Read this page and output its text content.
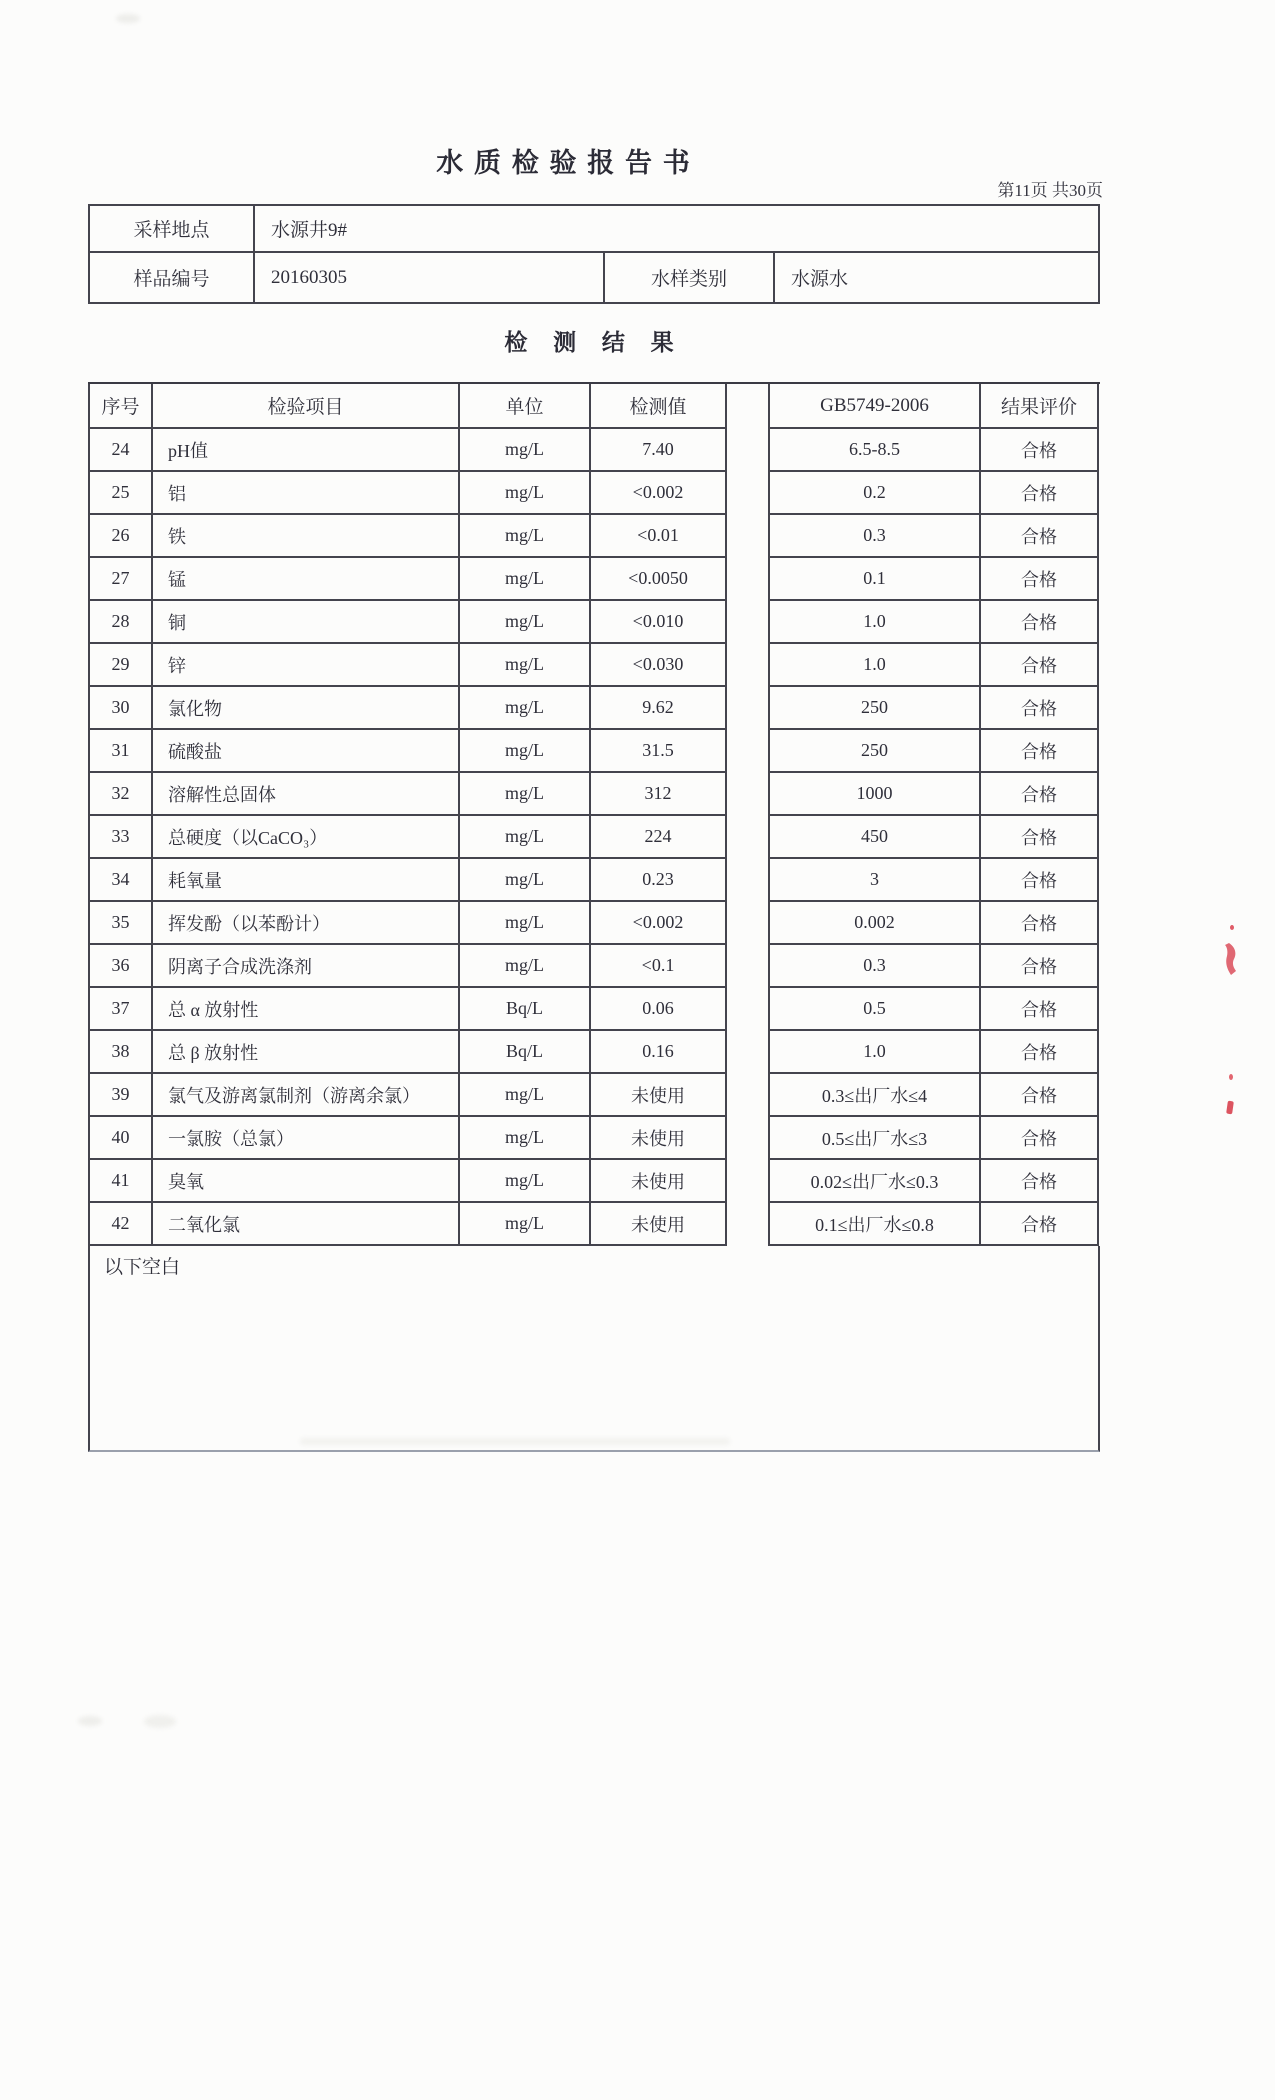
水 质 检 验 报 告 书
第11页 共30页
采样地点	水源井9#
样品编号	20160305	水样类别	水源水
检 测 结 果
序号	检验项目	单位	检测值	GB5749-2006	结果评价
24	pH值	mg/L	7.40	6.5-8.5	合格
25	铝	mg/L	<0.002	0.2	合格
26	铁	mg/L	<0.01	0.3	合格
27	锰	mg/L	<0.0050	0.1	合格
28	铜	mg/L	<0.010	1.0	合格
29	锌	mg/L	<0.030	1.0	合格
30	氯化物	mg/L	9.62	250	合格
31	硫酸盐	mg/L	31.5	250	合格
32	溶解性总固体	mg/L	312	1000	合格
33	总硬度（以CaCO₃）	mg/L	224	450	合格
34	耗氧量	mg/L	0.23	3	合格
35	挥发酚（以苯酚计）	mg/L	<0.002	0.002	合格
36	阴离子合成洗涤剂	mg/L	<0.1	0.3	合格
37	总 α 放射性	Bq/L	0.06	0.5	合格
38	总 β 放射性	Bq/L	0.16	1.0	合格
39	氯气及游离氯制剂（游离余氯）	mg/L	未使用	0.3≤出厂水≤4	合格
40	一氯胺（总氯）	mg/L	未使用	0.5≤出厂水≤3	合格
41	臭氧	mg/L	未使用	0.02≤出厂水≤0.3	合格
42	二氧化氯	mg/L	未使用	0.1≤出厂水≤0.8	合格
以下空白
